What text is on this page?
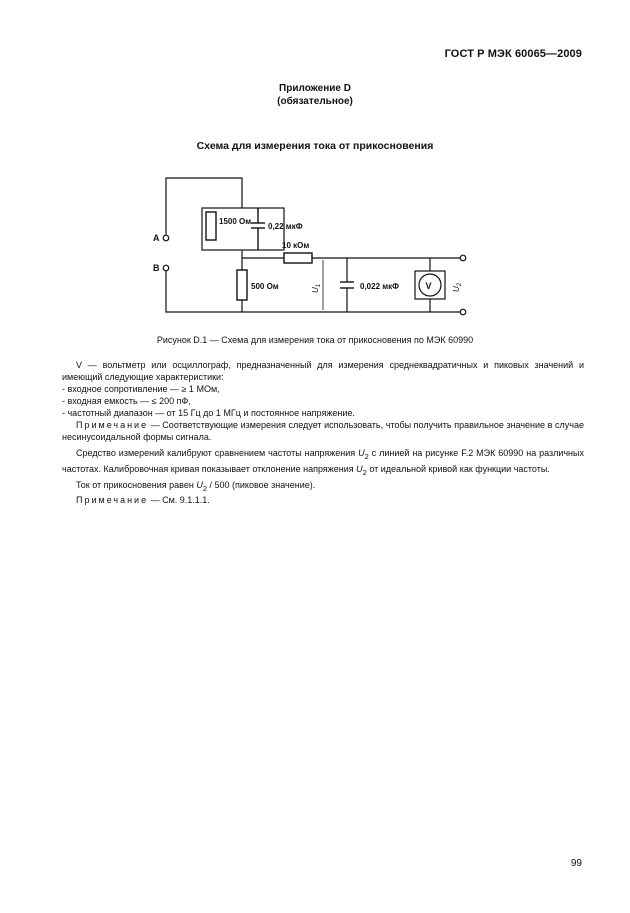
ГОСТ Р МЭК 60065—2009
Приложение D
(обязательное)
Схема для измерения тока от прикосновения
V
A
B
1500 Ом
0,22 мкФ
10 кОм
500 Ом	0,022 мкФ
$U_1$
$U_2$
Рисунок D.1 — Схема для измерения тока от прикосновения по МЭК 60990

V — вольтметр или осциллограф, предназначенный для измерения среднеквадратичных и пиковых значений и имеющий следующие характеристики:

- входное сопротивление — ≥ 1 МОм,

- входная емкость — ≤ 200 пФ,

- частотный диапазон — от 15 Гц до 1 МГц и постоянное напряжение.

Примечание — Соответствующие измерения следует использовать, чтобы получить правильное значение в случае несинусоидальной формы сигнала.

Средство измерений калибруют сравнением частоты напряжения $U_2$ с линией на рисунке F.2 МЭК 60990 на различных частотах. Калибровочная кривая показывает отклонение напряжения $U_2$ от идеальной кривой как функции частоты.

Ток от прикосновения равен $U_2 / 500$ (пиковое значение).

Примечание — См. 9.1.1.1.

99
